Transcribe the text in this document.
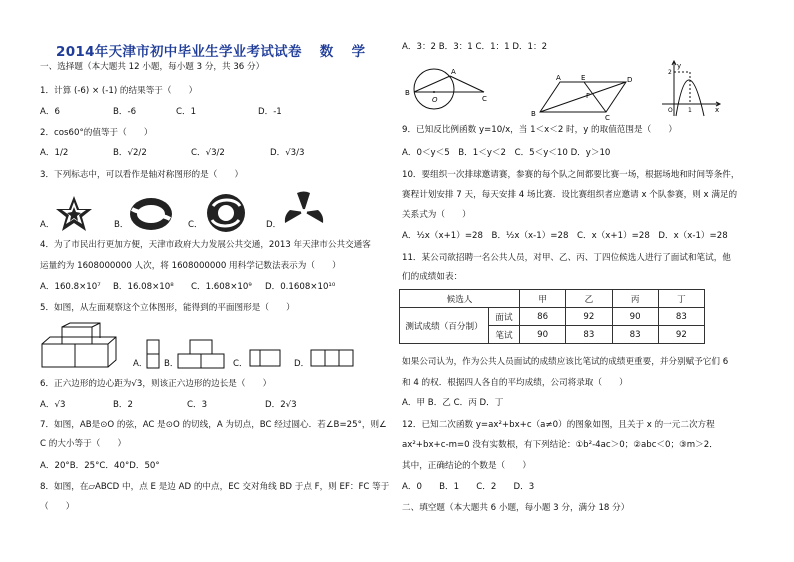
2014年天津市初中毕业生学业考试试卷 数 学
一、选择题（本大题共 12 小题，每小题 3 分，共 36 分）
1．计算 (-6) × (-1) 的结果等于（　　）
A．6	B．-6	C．1	D．-1
2．cos60°的值等于（　　）
A．1/2	B．√2/2	C．√3/2	D．√3/3
3．下列标志中，可以看作是轴对称图形的是（　　）
A．	B．	C．	D．
4．为了市民出行更加方便，天津市政府大力发展公共交通，2013 年天津市公共交通客
运量约为 1608000000 人次，将 1608000000 用科学记数法表示为（　　）
A．160.8×10⁷ B．16.08×10⁸ C．1.608×10⁹ D．0.1608×10¹⁰
5．如图，从左面观察这个立体图形，能得到的平面图形是（　　）
A． B．	C．	D．
6．正六边形的边心距为√3，则该正六边形的边长是（　　）
A．√3	B．2	C．3	D．2√3
7．如图，AB是⊙O 的弦，AC 是⊙O 的切线，A 为切点，BC 经过圆心．若∠B=25°，则∠
C 的大小等于（　　）
A．20°B．25°C．40°D．50°
8．如图，在▱ABCD 中，点 E 是边 AD 的中点，EC 交对角线 BD 于点 F，则 EF：FC 等于
（　　）
A．3：2 B．3：1 C．1：1 D．1：2
B
A
C
O
B
A	E	D
C
F
y
2
x
O	1
9．已知反比例函数 y=10/x，当 1＜x＜2 时，y 的取值范围是（　　）
A．0＜y＜5　B．1＜y＜2　C．5＜y＜10 D．y＞10
10．要组织一次排球邀请赛，参赛的每个队之间都要比赛一场，根据场地和时间等条件，
赛程计划安排 7 天，每天安排 4 场比赛．设比赛组织者应邀请 x 个队参赛，则 x 满足的
关系式为（　　）
A．½x（x+1）=28　B．½x（x-1）=28　C．x（x+1）=28　D．x（x-1）=28
11．某公司欲招聘一名公共人员，对甲、乙、丙、丁四位候选人进行了面试和笔试，他
们的成绩如表：
候选人		甲	乙	丙	丁
测试成绩（百分制）	面试	86	92	90	83
	笔试	90	83	83	92
如果公司认为，作为公共人员面试的成绩应该比笔试的成绩更重要，并分别赋予它们 6
和 4 的权．根据四人各自的平均成绩，公司将录取（　　）
A．甲 B．乙 C．丙 D．丁
12．已知二次函数 y=ax²+bx+c（a≠0）的图象如图，且关于 x 的一元二次方程
ax²+bx+c-m=0 没有实数根，有下列结论：①b²-4ac＞0；②abc＜0；③m＞2．
其中，正确结论的个数是（　　）
A．0　　B．1　　C．2　　D．3
二、填空题（本大题共 6 小题，每小题 3 分，满分 18 分）
